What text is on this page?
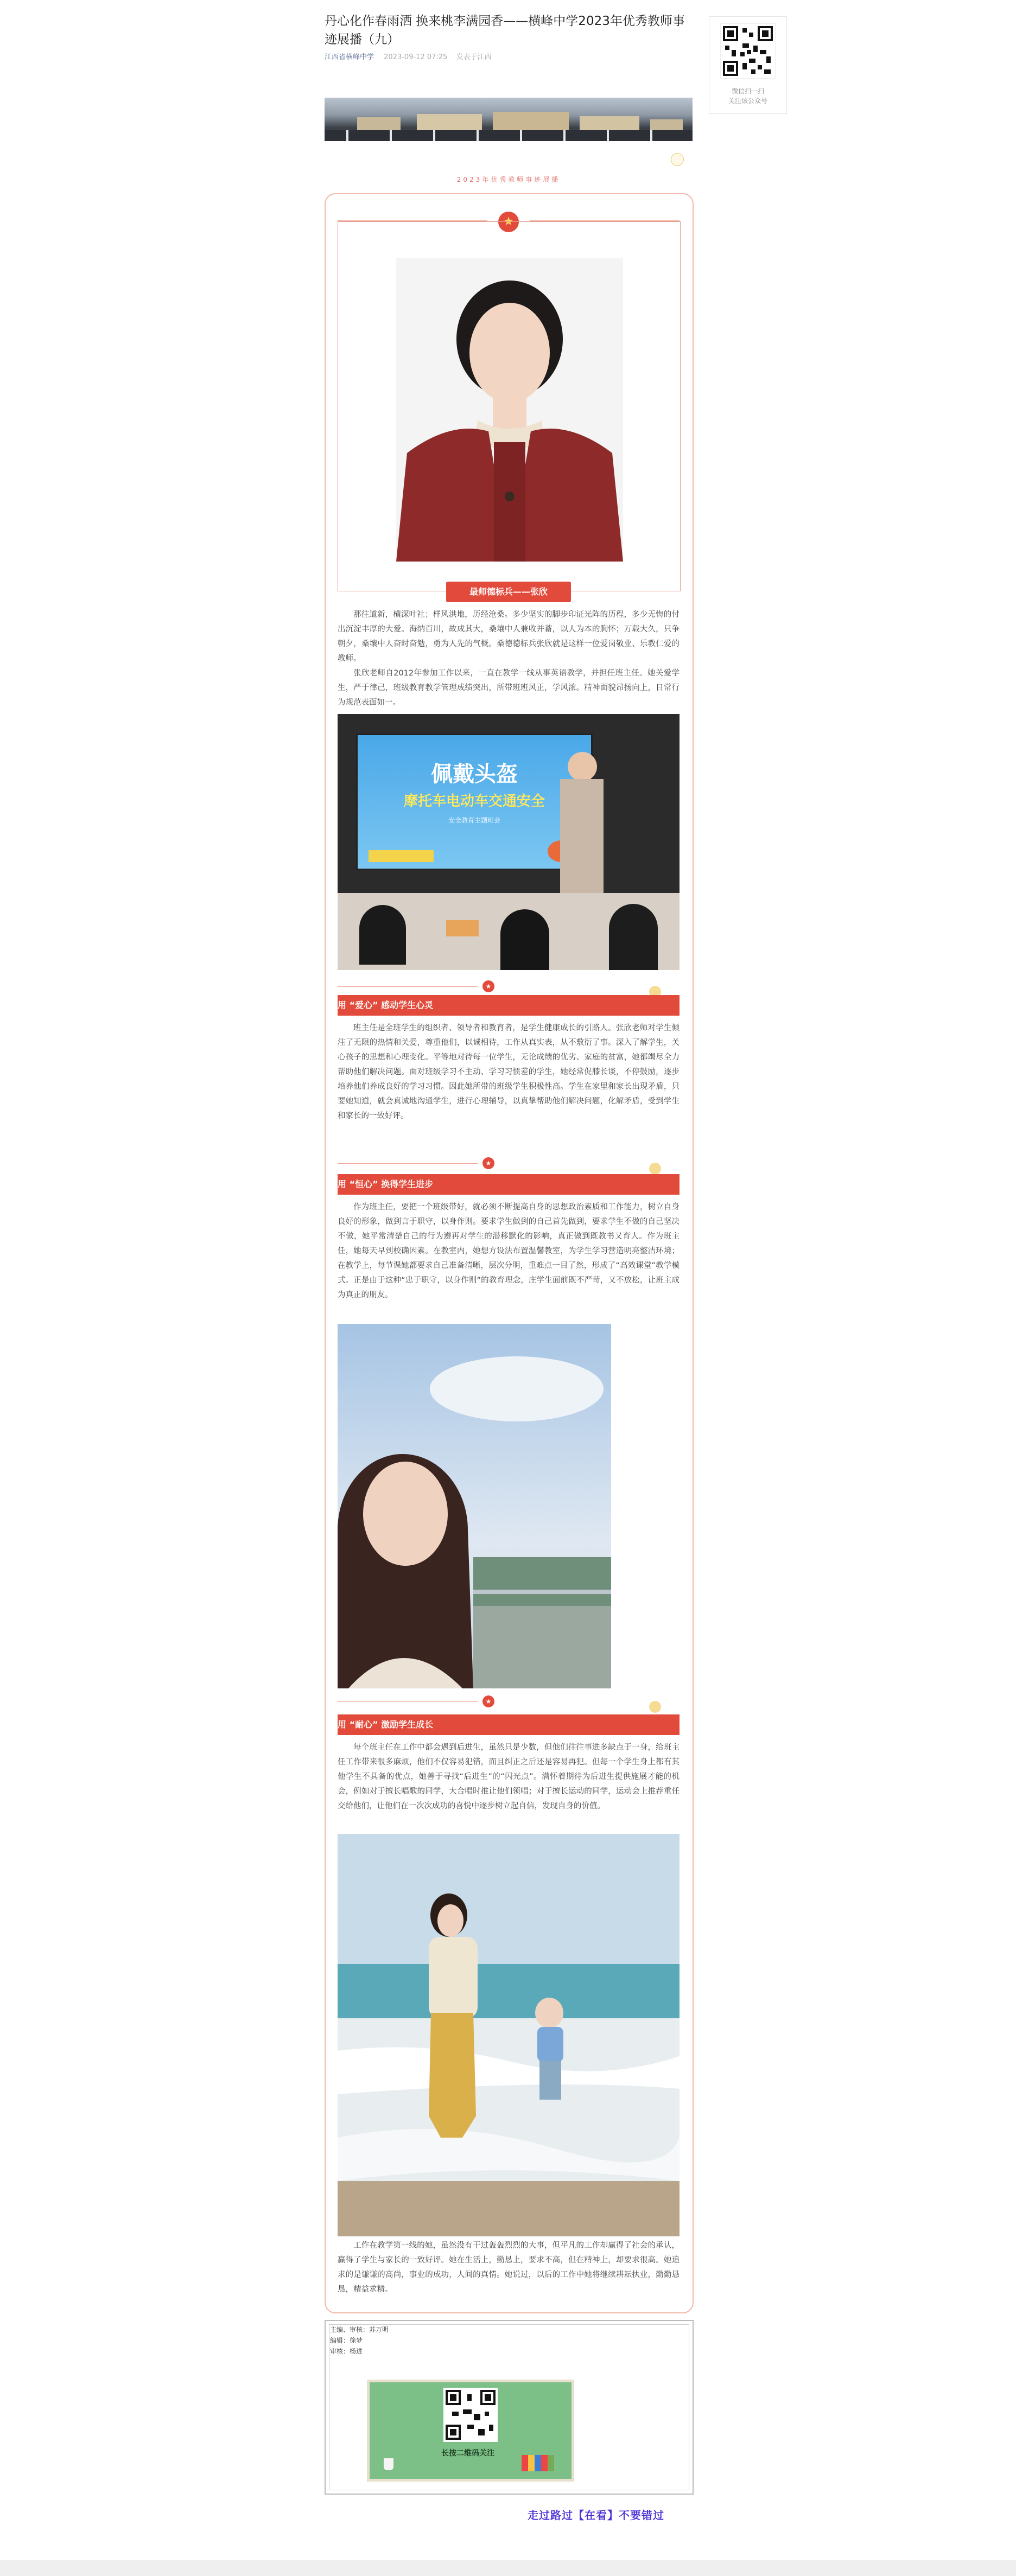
丹心化作春雨洒 换来桃李满园香——横峰中学2023年优秀教师事迹展播（九）
江西省横峰中学 2023-09-12 07:25 发表于江西
微信扫一扫
关注该公众号
2023年优秀教师事迹展播
★
最师德标兵——张欣

那往道新，横深叶社；样风洪地，历经沧桑。多少坚实的脚步印证光阵的历程，多少无悔的付出沉淀丰厚的大爱。海纳百川，故成其大，桑壤中人兼收并蓄，以人为本的胸怀；万载大久，只争朝夕，桑壤中人奋时奋勉，勇为人先的气概。桑德德标兵张欣就是这样一位爱岗敬业、乐教仁爱的教师。

张欣老师自2012年参加工作以来，一直在教学一线从事英语教学，并担任班主任。她关爱学生，严于律己，班级教育教学管理成绩突出，所带班班风正，学风浓。精神面貌昂扬向上，日常行为规范表面如一。

佩戴头盔
摩托车电动车交通安全
安全教育主题班会
★
用 “爱心” 感动学生心灵

班主任是全班学生的组织者、领导者和教育者，是学生健康成长的引路人。张欣老师对学生倾注了无限的热情和关爱，尊重他们，以诚相待，工作从真实表，从不敷衍了事。深入了解学生，关心孩子的思想和心理变化。平等地对待每一位学生，无论成绩的优劣、家庭的贫富，她都竭尽全力帮助他们解决问题。面对班级学习不主动、学习习惯差的学生，她经常促膝长谈，不停鼓励，逐步培养他们养成良好的学习习惯。因此她所带的班级学生积极性高。学生在家里和家长出现矛盾，只要她知道，就会真诚地沟通学生，进行心理辅导，以真挚帮助他们解决问题，化解矛盾，受到学生和家长的一致好评。

★
用 “恒心” 换得学生进步

作为班主任，要把一个班级带好，就必须不断提高自身的思想政治素质和工作能力，树立自身良好的形象，做到言于职守，以身作则。要求学生做到的自己首先做到，要求学生不做的自己坚决不做，她平常清楚自己的行为遵再对学生的潜移默化的影响，真正做到既教书又育人。作为班主任，她每天早到校确因素。在教室内，她想方设法布置温馨教室，为学生学习营造明亮整洁环境；在教学上，每节课她都要求自己准备清晰，层次分明，重难点一目了然，形成了“高效课堂”教学模式。正是由于这种“忠于职守，以身作则”的教育理念，庄学生面前既不严苛，又不放松，让班主成为真正的朋友。

★
用 “耐心” 激励学生成长

每个班主任在工作中都会遇到后进生，虽然只是少数，但他们往往事进多缺点于一身，给班主任工作带来很多麻烦，他们不仅容易犯错，而且纠正之后还是容易再犯。但每一个学生身上都有其他学生不具备的优点，她善于寻找“后进生”的“闪光点”。满怀着期待为后进生提供施展才能的机会，例如对于擅长唱歌的同学，大合唱时推让他们领唱；对于擅长运动的同学，运动会上推荐重任交给他们，让他们在一次次成功的喜悦中逐步树立起自信，发现自身的价值。

工作在教学第一线的她，虽然没有干过轰轰烈烈的大事，但平凡的工作却赢得了社会的承认，赢得了学生与家长的一致好评。她在生活上，勤恳上，要求不高，但在精神上，却要求很高。她追求的是谦谦的高尚，事业的成功，人间的真情。她说过，以后的工作中她将继续耕耘执业，勤勤恳恳，精益求精。

主编、审核：苏万明
编辑：徐梦
审核：杨进
长按二维码关注
走过路过【在看】不要错过
